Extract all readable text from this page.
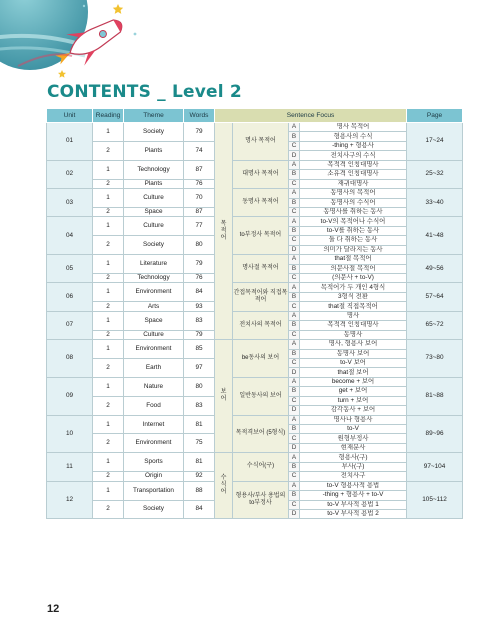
CONTENTS _ Level 2
Unit	Reading	Theme	Words	Sentence Focus				Page
01	1	Society	79	목적어	명사 목적어	A	명사 목적어	17~24
						B	형용사의 수식	
	2	Plants	74			C	-thing + 형용사	
						D	전치사구의 수식	
02	1	Technology	87		대명사 목적어	A	목적격 인칭대명사	25~32
						B	소유격 인칭대명사	
	2	Plants	76			C	재귀대명사	
03	1	Culture	70		동명사 목적어	A	동명사의 목적어	33~40
						B	동명사의 수식어	
	2	Space	87			C	동명사를 취하는 동사	
04	1	Culture	77		to부정사 목적어	A	to-V의 목적어나 수식어	41~48
						B	to-V를 취하는 동사	
	2	Society	80			C	둘 다 취하는 동사	
						D	의미가 달라지는 동사	
05	1	Literature	79		명사절 목적어	A	that절 목적어	49~56
						B	의문사절 목적어	
	2	Technology	76			C	(의문사 + to-V)	
06	1	Environment	84		간접목적어와 직접목적어	A	목적어가 두 개인 4형식	57~64
						B	3형식 전환	
	2	Arts	93			C	that절 직접목적어	
07	1	Space	83		전치사의 목적어	A	명사	65~72
						B	목적격 인칭대명사	
	2	Culture	79			C	동명사	
08	1	Environment	85	보어	be동사의 보어	A	명사, 형용사 보어	73~80
						B	동명사 보어	
	2	Earth	97			C	to-V 보어	
						D	that절 보어	
09	1	Nature	80		일반동사의 보어	A	become + 보어	81~88
						B	get + 보어	
	2	Food	83			C	turn + 보어	
						D	감각동사 + 보어	
10	1	Internet	81		목적격보어 (5형식)	A	명사나 형용사	89~96
						B	to-V	
	2	Environment	75			C	원형부정사	
						D	현재분사	
11	1	Sports	81	수식어	수식어(구)	A	형용사(구)	97~104
						B	부사(구)	
	2	Origin	92			C	전치사구	
12	1	Transportation	88		형용사/부사 용법의 to부정사	A	to-V 형용사적 용법	105~112
						B	-thing + 형용사 + to-V	
	2	Society	84			C	to-V 부사적 용법 1	
						D	to-V 부사적 용법 2	
12
